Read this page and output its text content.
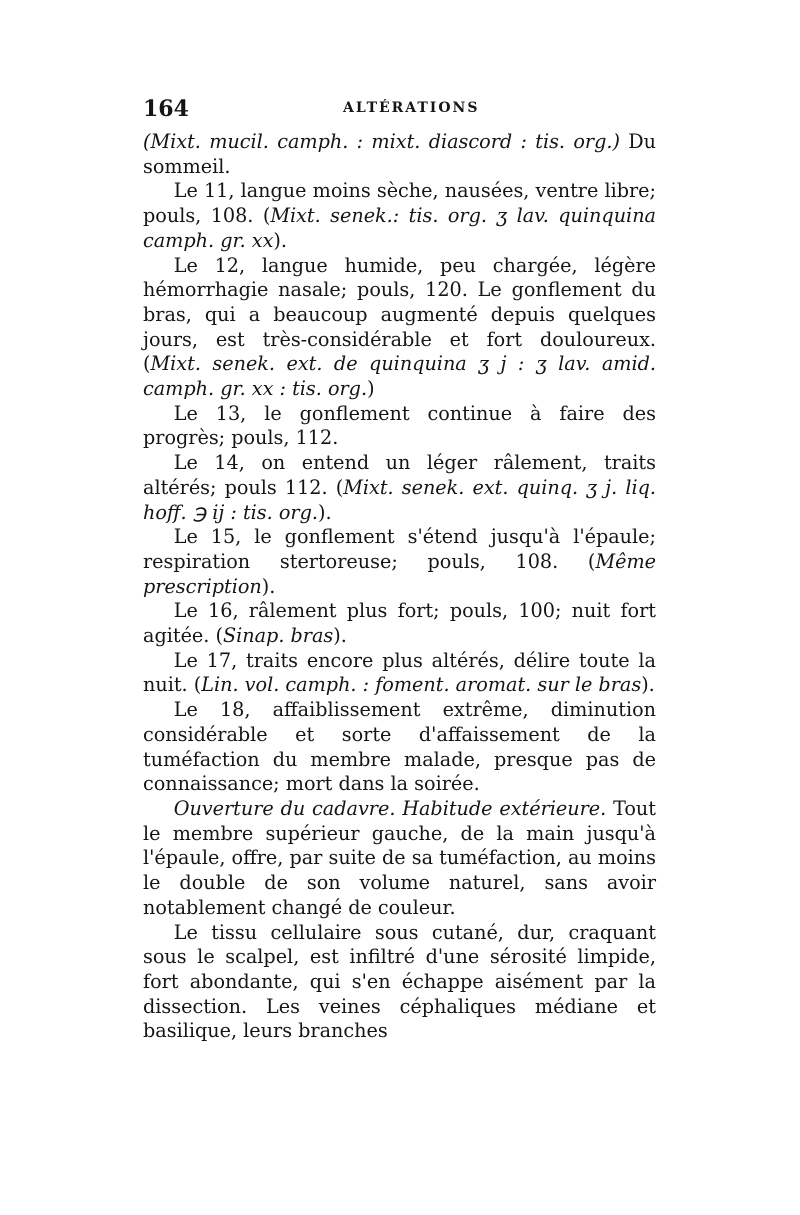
164	ALTÉRATIONS

(Mixt. mucil. camph. : mixt. diascord : tis. org.) Du sommeil.

Le 11, langue moins sèche, nausées, ventre libre; pouls, 108. (Mixt. senek.: tis. org. ʒ lav. quinquina camph. gr. xx).

Le 12, langue humide, peu chargée, légère hémorrhagie nasale; pouls, 120. Le gonflement du bras, qui a beaucoup augmenté depuis quelques jours, est très-considérable et fort douloureux. (Mixt. senek. ext. de quinquina ʒ j : ʒ lav. amid. camph. gr. xx : tis. org.)

Le 13, le gonflement continue à faire des progrès; pouls, 112.

Le 14, on entend un léger râlement, traits altérés; pouls 112. (Mixt. senek. ext. quinq. ʒ j. liq. hoff. ℈ ij : tis. org.).

Le 15, le gonflement s'étend jusqu'à l'épaule; respiration stertoreuse; pouls, 108. (Même prescription).

Le 16, râlement plus fort; pouls, 100; nuit fort agitée. (Sinap. bras).

Le 17, traits encore plus altérés, délire toute la nuit. (Lin. vol. camph. : foment. aromat. sur le bras).

Le 18, affaiblissement extrême, diminution considérable et sorte d'affaissement de la tuméfaction du membre malade, presque pas de connaissance; mort dans la soirée.

Ouverture du cadavre. Habitude extérieure. Tout le membre supérieur gauche, de la main jusqu'à l'épaule, offre, par suite de sa tuméfaction, au moins le double de son volume naturel, sans avoir notablement changé de couleur.

Le tissu cellulaire sous cutané, dur, craquant sous le scalpel, est infiltré d'une sérosité limpide, fort abondante, qui s'en échappe aisément par la dissection. Les veines céphaliques médiane et basilique, leurs branches
